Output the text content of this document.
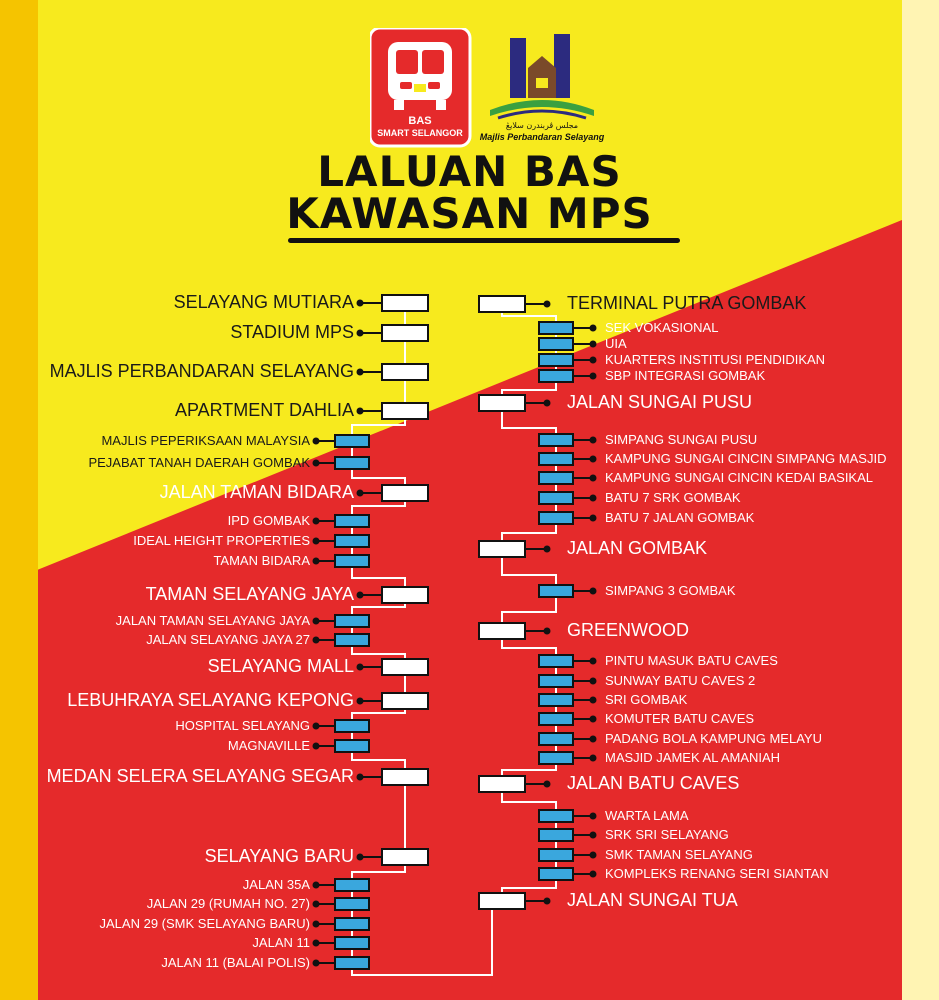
BAS
SMART SELANGOR
مجلس ڤربندرن سلايڠ
Majlis Perbandaran Selayang
LALUAN BAS
KAWASAN MPS
SELAYANG MUTIARA
STADIUM MPS
MAJLIS PERBANDARAN SELAYANG
APARTMENT DAHLIA
MAJLIS PEPERIKSAAN MALAYSIA
PEJABAT TANAH DAERAH GOMBAK
JALAN TAMAN BIDARA
IPD GOMBAK
IDEAL HEIGHT PROPERTIES
TAMAN BIDARA
TAMAN SELAYANG JAYA
JALAN TAMAN SELAYANG JAYA
JALAN SELAYANG JAYA 27
SELAYANG MALL
LEBUHRAYA SELAYANG KEPONG
HOSPITAL SELAYANG
MAGNAVILLE
MEDAN SELERA SELAYANG SEGAR
SELAYANG BARU
JALAN 35A
JALAN 29 (RUMAH NO. 27)
JALAN 29 (SMK SELAYANG BARU)
JALAN 11
JALAN 11 (BALAI POLIS)
TERMINAL PUTRA GOMBAK
SEK VOKASIONAL
UIA
KUARTERS INSTITUSI PENDIDIKAN
SBP INTEGRASI GOMBAK
JALAN SUNGAI PUSU
SIMPANG SUNGAI PUSU
KAMPUNG SUNGAI CINCIN SIMPANG MASJID
KAMPUNG SUNGAI CINCIN KEDAI BASIKAL
BATU 7 SRK GOMBAK
BATU 7 JALAN GOMBAK
JALAN GOMBAK
SIMPANG 3 GOMBAK
GREENWOOD
PINTU MASUK BATU CAVES
SUNWAY BATU CAVES 2
SRI GOMBAK
KOMUTER BATU CAVES
PADANG BOLA KAMPUNG MELAYU
MASJID JAMEK AL AMANIAH
JALAN BATU CAVES
WARTA LAMA
SRK SRI SELAYANG
SMK TAMAN SELAYANG
KOMPLEKS RENANG SERI SIANTAN
JALAN SUNGAI TUA
